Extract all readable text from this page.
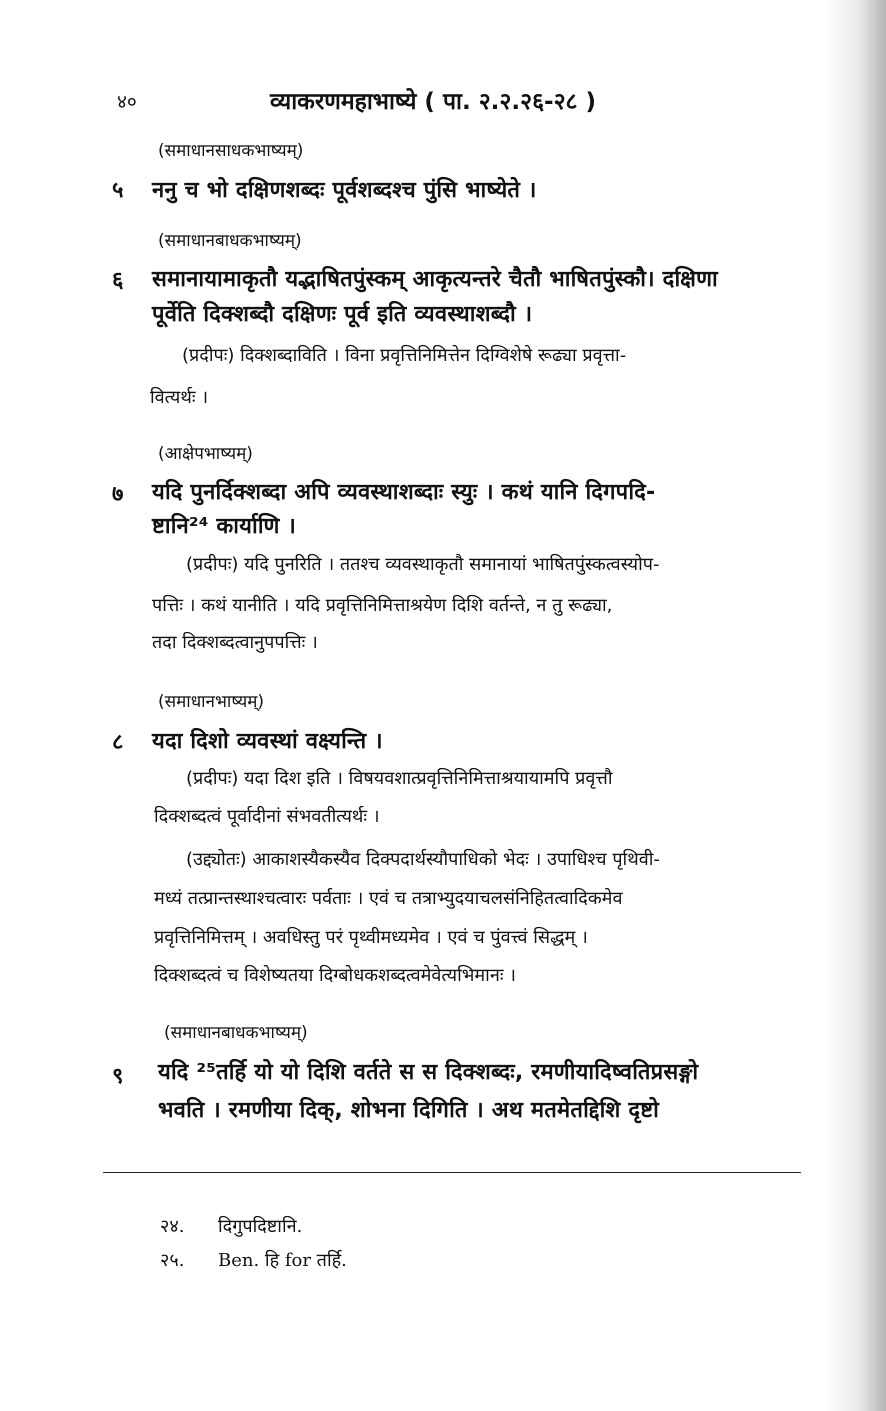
४०	व्याकरणमहाभाष्ये ( पा. २.२.२६-२८ )
(समाधानसाधकभाष्यम्)
५ ननु च भो दक्षिणशब्दः पूर्वशब्दश्च पुंसि भाष्येते ।
(समाधानबाधकभाष्यम्)
६ समानायामाकृतौ यद्भाषितपुंस्कम् आकृत्यन्तरे चैतौ भाषितपुंस्कौ। दक्षिणा
पूर्वेति दिक्शब्दौ दक्षिणः पूर्व इति व्यवस्थाशब्दौ ।
(प्रदीपः) दिक्शब्दाविति । विना प्रवृत्तिनिमित्तेन दिग्विशेषे रूढ्या प्रवृत्ता-
वित्यर्थः ।
(आक्षेपभाष्यम्)
७ यदि पुनर्दिक्शब्दा अपि व्यवस्थाशब्दाः स्युः । कथं यानि दिगपदि-
ष्टानि²⁴ कार्याणि ।
(प्रदीपः) यदि पुनरिति । ततश्च व्यवस्थाकृतौ समानायां भाषितपुंस्कत्वस्योप-
पत्तिः । कथं यानीति । यदि प्रवृत्तिनिमित्ताश्रयेण दिशि वर्तन्ते, न तु रूढ्या,
तदा दिक्शब्दत्वानुपपत्तिः ।
(समाधानभाष्यम्)
८ यदा दिशो व्यवस्थां वक्ष्यन्ति ।
(प्रदीपः) यदा दिश इति । विषयवशात्प्रवृत्तिनिमित्ताश्रयायामपि प्रवृत्तौ
दिक्शब्दत्वं पूर्वादीनां संभवतीत्यर्थः ।
(उद्द्योतः) आकाशस्यैकस्यैव दिक्पदार्थस्यौपाधिको भेदः । उपाधिश्च पृथिवी-
मध्यं तत्प्रान्तस्थाश्चत्वारः पर्वताः । एवं च तत्राभ्युदयाचलसंनिहितत्वादिकमेव
प्रवृत्तिनिमित्तम् । अवधिस्तु परं पृथ्वीमध्यमेव । एवं च पुंवत्त्वं सिद्धम् ।
दिक्शब्दत्वं च विशेष्यतया दिग्बोधकशब्दत्वमेवेत्यभिमानः ।
(समाधानबाधकभाष्यम्)
९ यदि ²⁵तर्हि यो यो दिशि वर्तते स स दिक्शब्दः, रमणीयादिष्वतिप्रसङ्गो
भवति । रमणीया दिक्, शोभना दिगिति । अथ मतमेतद्दिशि दृष्टो
२४. दिगुपदिष्टानि.
२५. Ben. हि for तर्हि.
